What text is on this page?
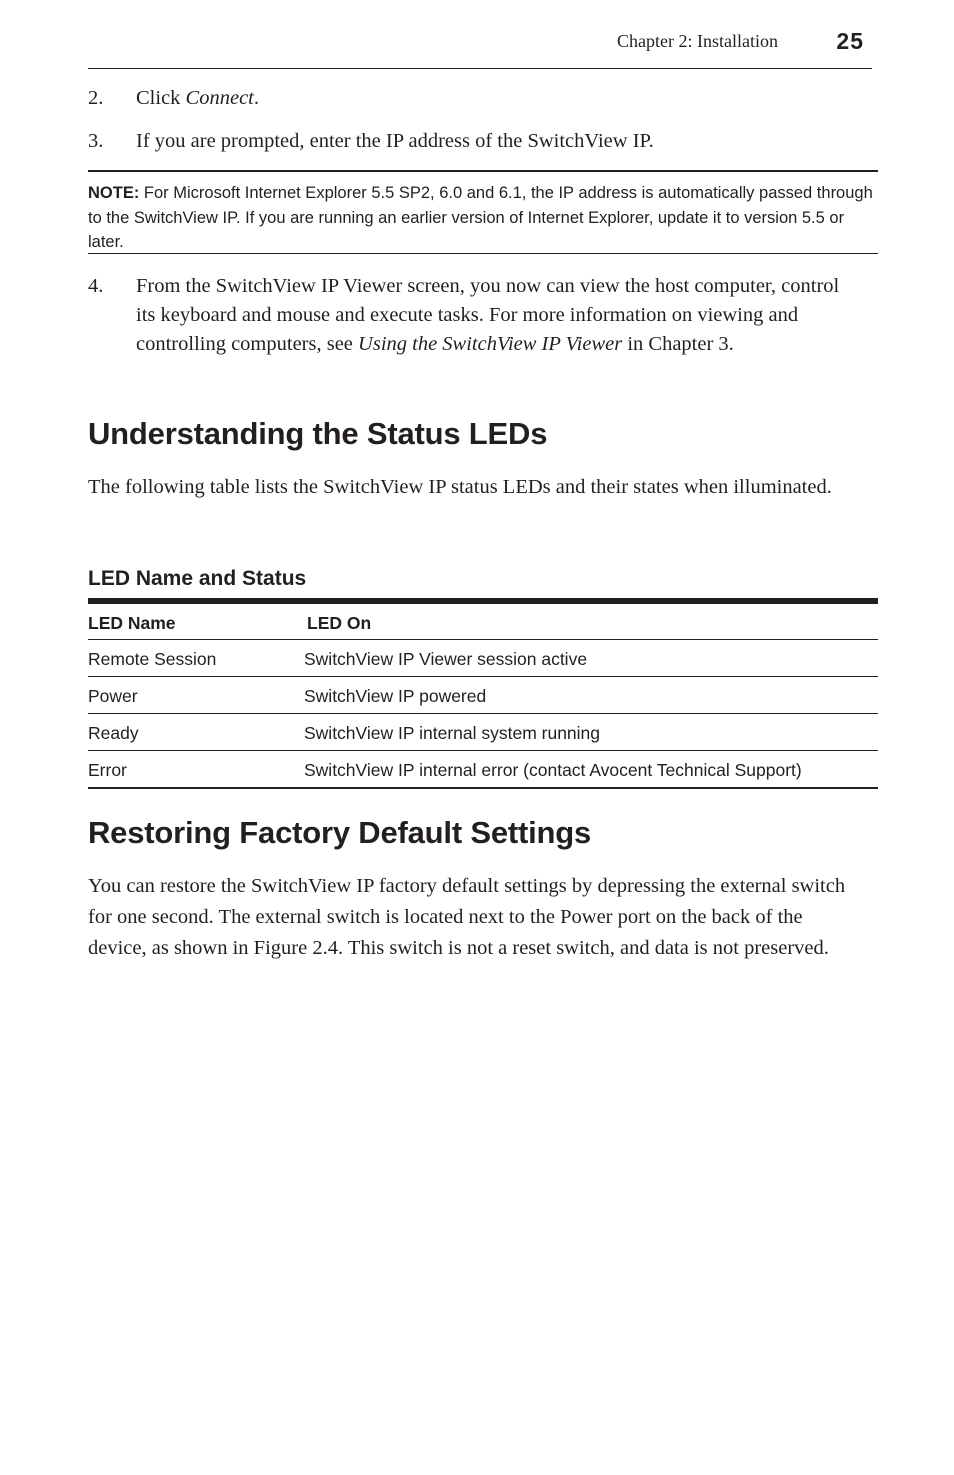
Chapter 2: Installation	25
2. Click Connect.
3. If you are prompted, enter the IP address of the SwitchView IP.
NOTE: For Microsoft Internet Explorer 5.5 SP2, 6.0 and 6.1, the IP address is automatically passed through to the SwitchView IP. If you are running an earlier version of Internet Explorer, update it to version 5.5 or later.
4. From the SwitchView IP Viewer screen, you now can view the host computer, control its keyboard and mouse and execute tasks. For more information on viewing and controlling computers, see Using the SwitchView IP Viewer in Chapter 3.
Understanding the Status LEDs

The following table lists the SwitchView IP status LEDs and their states when illuminated.

LED Name and Status
LED Name	LED On
Remote Session	SwitchView IP Viewer session active
Power	SwitchView IP powered
Ready	SwitchView IP internal system running
Error	SwitchView IP internal error (contact Avocent Technical Support)
Restoring Factory Default Settings

You can restore the SwitchView IP factory default settings by depressing the external switch for one second. The external switch is located next to the Power port on the back of the device, as shown in Figure 2.4. This switch is not a reset switch, and data is not preserved.
